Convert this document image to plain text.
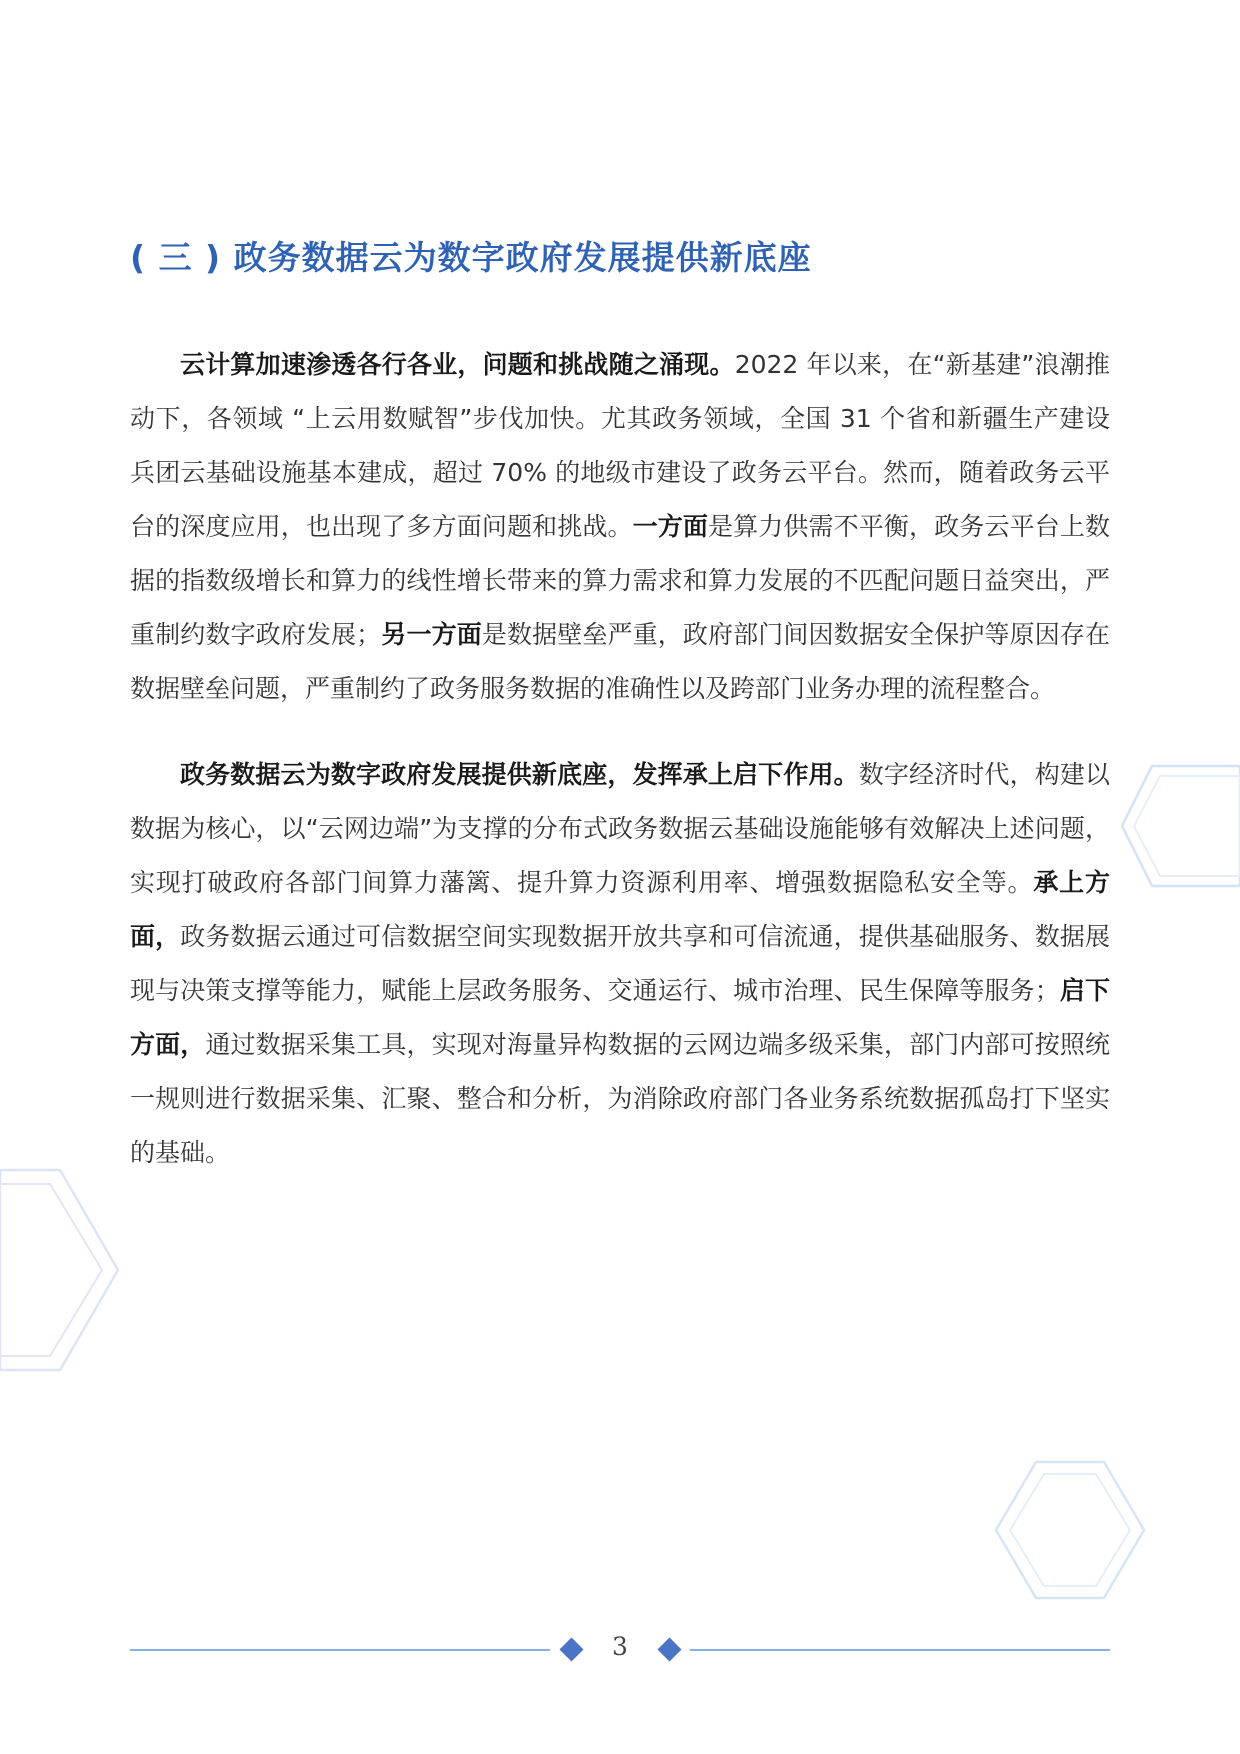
( 三 ) 政务数据云为数字政府发展提供新底座

云计算加速渗透各行各业，问题和挑战随之涌现。2022 年以来，在“新基建”浪潮推动下，各领域 “上云用数赋智”步伐加快。尤其政务领域，全国 31 个省和新疆生产建设兵团云基础设施基本建成，超过 70% 的地级市建设了政务云平台。然而，随着政务云平台的深度应用，也出现了多方面问题和挑战。一方面是算力供需不平衡，政务云平台上数据的指数级增长和算力的线性增长带来的算力需求和算力发展的不匹配问题日益突出，严重制约数字政府发展；另一方面是数据壁垒严重，政府部门间因数据安全保护等原因存在数据壁垒问题，严重制约了政务服务数据的准确性以及跨部门业务办理的流程整合。

政务数据云为数字政府发展提供新底座，发挥承上启下作用。数字经济时代，构建以数据为核心，以“云网边端”为支撑的分布式政务数据云基础设施能够有效解决上述问题，实现打破政府各部门间算力藩篱、提升算力资源利用率、增强数据隐私安全等。承上方面，政务数据云通过可信数据空间实现数据开放共享和可信流通，提供基础服务、数据展现与决策支撑等能力，赋能上层政务服务、交通运行、城市治理、民生保障等服务；启下方面，通过数据采集工具，实现对海量异构数据的云网边端多级采集，部门内部可按照统一规则进行数据采集、汇聚、整合和分析，为消除政府部门各业务系统数据孤岛打下坚实的基础。

3
